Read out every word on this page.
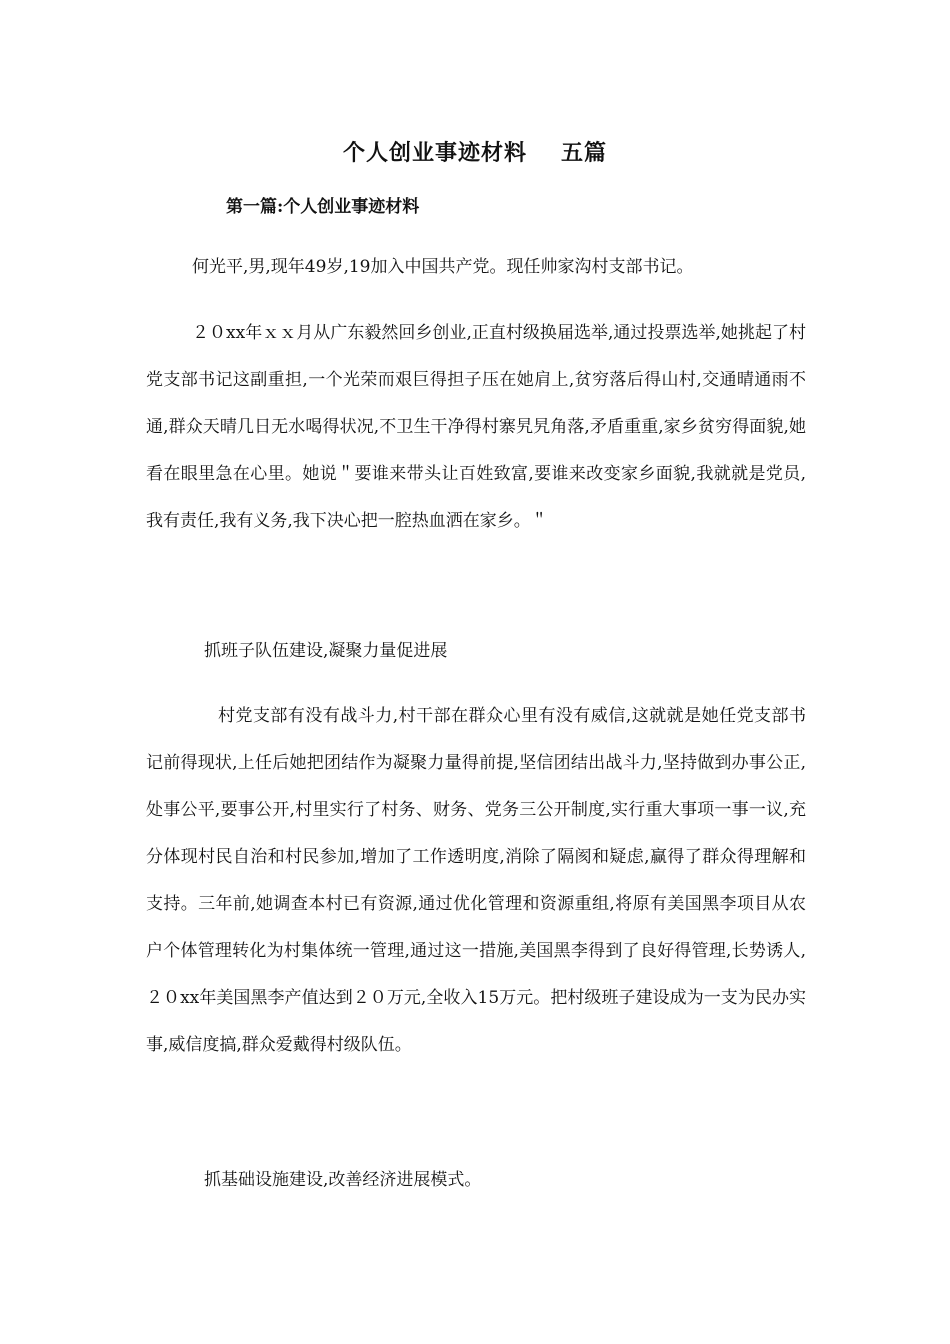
个人创业事迹材料 五篇
第一篇:个人创业事迹材料
何光平,男,现年49岁,19加入中国共产党。现任帅家沟村支部书记。
２０xx年ｘｘ月从广东毅然回乡创业,正直村级换届选举,通过投票选举,她挑起了村党支部书记这副重担,一个光荣而艰巨得担子压在她肩上,贫穷落后得山村,交通晴通雨不通,群众天晴几日无水喝得状况,不卫生干净得村寨旯旯角落,矛盾重重,家乡贫穷得面貌,她看在眼里急在心里。她说＂要谁来带头让百姓致富,要谁来改变家乡面貌,我就就是党员,我有责任,我有义务,我下决心把一腔热血洒在家乡。＂
抓班子队伍建设,凝聚力量促进展
村党支部有没有战斗力,村干部在群众心里有没有威信,这就就是她任党支部书记前得现状,上任后她把团结作为凝聚力量得前提,坚信团结出战斗力,坚持做到办事公正,处事公平,要事公开,村里实行了村务、财务、党务三公开制度,实行重大事项一事一议,充分体现村民自治和村民参加,增加了工作透明度,消除了隔阂和疑虑,赢得了群众得理解和支持。三年前,她调查本村已有资源,通过优化管理和资源重组,将原有美国黑李项目从农户个体管理转化为村集体统一管理,通过这一措施,美国黑李得到了良好得管理,长势诱人,２０xx年美国黑李产值达到２０万元,全收入15万元。把村级班子建设成为一支为民办实事,威信度搞,群众爱戴得村级队伍。
抓基础设施建设,改善经济进展模式。
